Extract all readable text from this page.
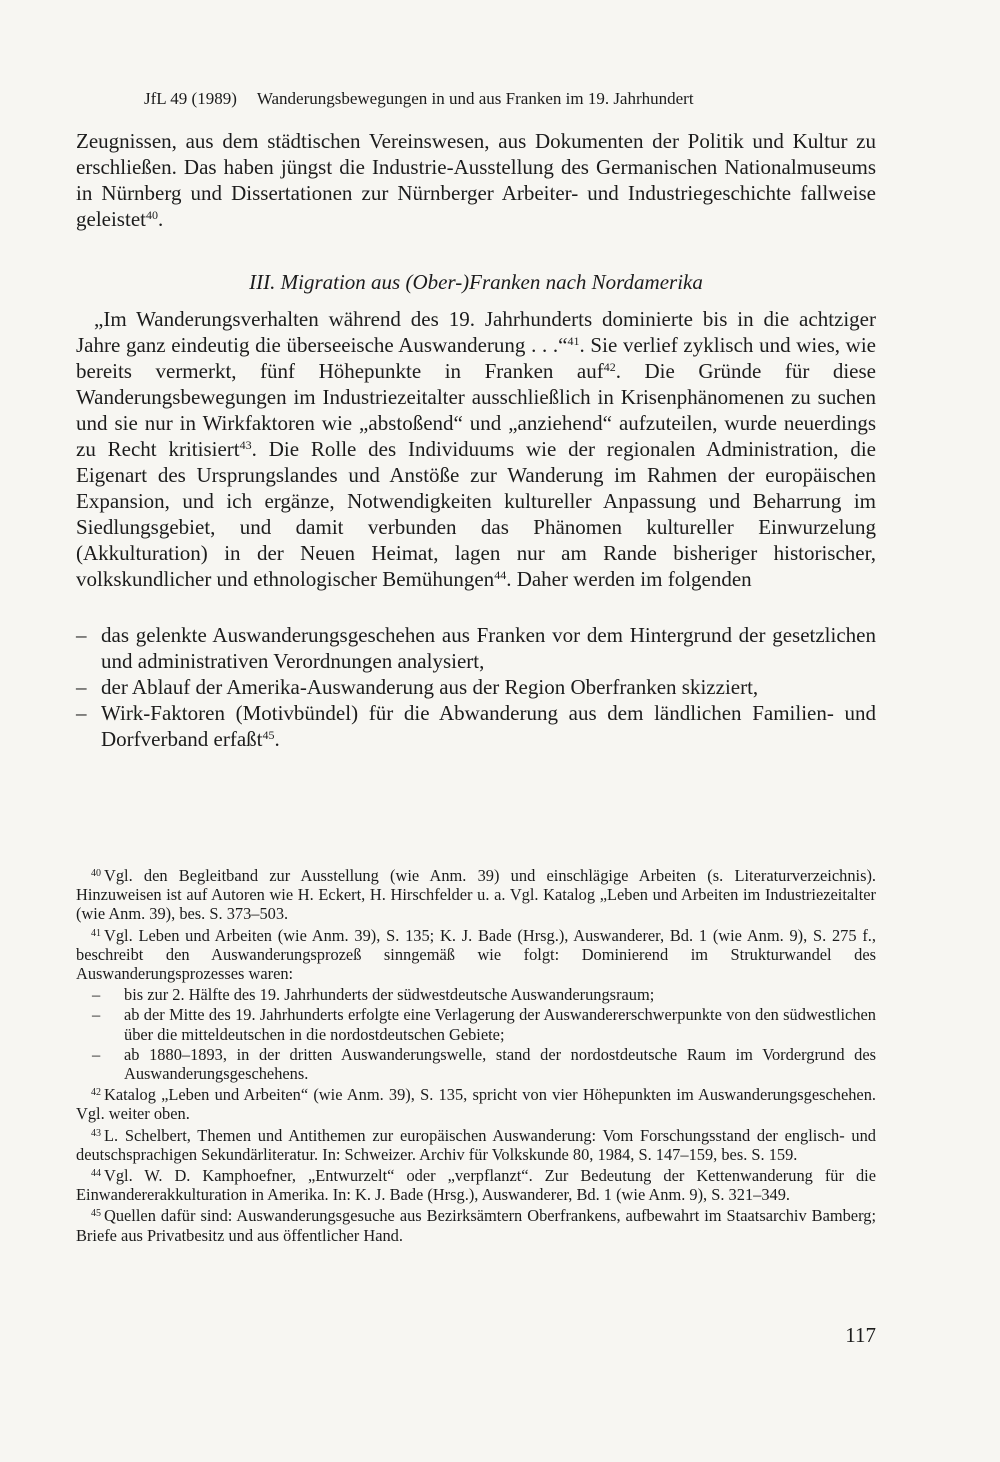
JfL 49 (1989) Wanderungsbewegungen in und aus Franken im 19. Jahrhundert
Zeugnissen, aus dem städtischen Vereinswesen, aus Dokumenten der Politik und Kultur zu erschließen. Das haben jüngst die Industrie-Ausstellung des Germanischen Nationalmuseums in Nürnberg und Dissertationen zur Nürnberger Arbeiter- und Industriegeschichte fallweise geleistet$^{40}$.
III. Migration aus (Ober-)Franken nach Nordamerika
„Im Wanderungsverhalten während des 19. Jahrhunderts dominierte bis in die achtziger Jahre ganz eindeutig die überseeische Auswanderung . . .“$^{41}$. Sie verlief zyklisch und wies, wie bereits vermerkt, fünf Höhepunkte in Franken auf$^{42}$. Die Gründe für diese Wanderungsbewegungen im Industriezeitalter ausschließlich in Krisenphänomenen zu suchen und sie nur in Wirkfaktoren wie „abstoßend“ und „anziehend“ aufzuteilen, wurde neuerdings zu Recht kritisiert$^{43}$. Die Rolle des Individuums wie der regionalen Administration, die Eigenart des Ursprungslandes und Anstöße zur Wanderung im Rahmen der europäischen Expansion, und ich ergänze, Notwendigkeiten kultureller Anpassung und Beharrung im Siedlungsgebiet, und damit verbunden das Phänomen kultureller Einwurzelung (Akkulturation) in der Neuen Heimat, lagen nur am Rande bisheriger historischer, volkskundlicher und ethnologischer Bemühungen$^{44}$. Daher werden im folgenden
– das gelenkte Auswanderungsgeschehen aus Franken vor dem Hintergrund der gesetzlichen und administrativen Verordnungen analysiert,
– der Ablauf der Amerika-Auswanderung aus der Region Oberfranken skizziert,
– Wirk-Faktoren (Motivbündel) für die Abwanderung aus dem ländlichen Familien- und Dorfverband erfaßt$^{45}$.
$^{40}$ Vgl. den Begleitband zur Ausstellung (wie Anm. 39) und einschlägige Arbeiten (s. Literaturverzeichnis). Hinzuweisen ist auf Autoren wie H. Eckert, H. Hirschfelder u. a. Vgl. Katalog „Leben und Arbeiten im Industriezeitalter (wie Anm. 39), bes. S. 373–503.
$^{41}$ Vgl. Leben und Arbeiten (wie Anm. 39), S. 135; K. J. Bade (Hrsg.), Auswanderer, Bd. 1 (wie Anm. 9), S. 275 f., beschreibt den Auswanderungsprozeß sinngemäß wie folgt: Dominierend im Strukturwandel des Auswanderungsprozesses waren:
– bis zur 2. Hälfte des 19. Jahrhunderts der südwestdeutsche Auswanderungsraum;
– ab der Mitte des 19. Jahrhunderts erfolgte eine Verlagerung der Auswandererschwerpunkte von den südwestlichen über die mitteldeutschen in die nordostdeutschen Gebiete;
– ab 1880–1893, in der dritten Auswanderungswelle, stand der nordostdeutsche Raum im Vordergrund des Auswanderungsgeschehens.
$^{42}$ Katalog „Leben und Arbeiten“ (wie Anm. 39), S. 135, spricht von vier Höhepunkten im Auswanderungsgeschehen. Vgl. weiter oben.
$^{43}$ L. Schelbert, Themen und Antithemen zur europäischen Auswanderung: Vom Forschungsstand der englisch- und deutschsprachigen Sekundärliteratur. In: Schweizer. Archiv für Volkskunde 80, 1984, S. 147–159, bes. S. 159.
$^{44}$ Vgl. W. D. Kamphoefner, „Entwurzelt“ oder „verpflanzt“. Zur Bedeutung der Kettenwanderung für die Einwandererakkulturation in Amerika. In: K. J. Bade (Hrsg.), Auswanderer, Bd. 1 (wie Anm. 9), S. 321–349.
$^{45}$ Quellen dafür sind: Auswanderungsgesuche aus Bezirksämtern Oberfrankens, aufbewahrt im Staatsarchiv Bamberg; Briefe aus Privatbesitz und aus öffentlicher Hand.
117
